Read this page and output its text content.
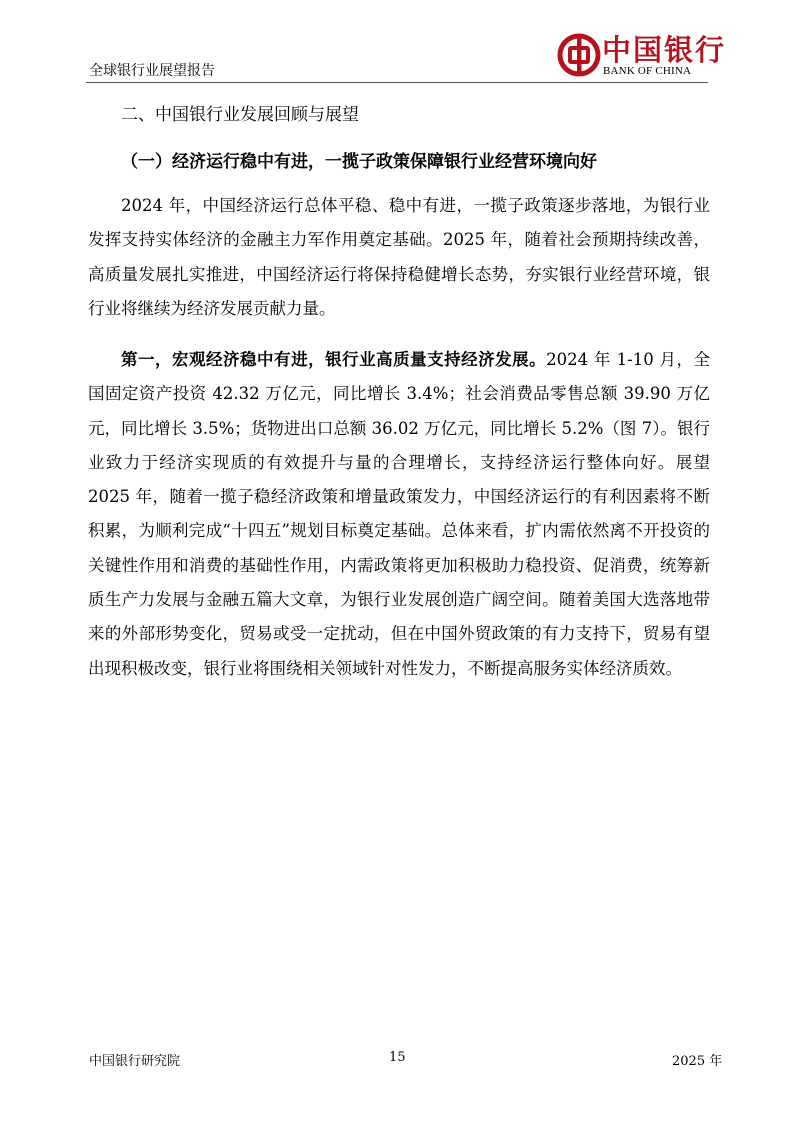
全球银行业展望报告
中国银行
BANK OF CHINA
二、中国银行业发展回顾与展望
（一）经济运行稳中有进，一揽子政策保障银行业经营环境向好
2024 年，中国经济运行总体平稳、稳中有进，一揽子政策逐步落地，为银行业发挥支持实体经济的金融主力军作用奠定基础。2025 年，随着社会预期持续改善，高质量发展扎实推进，中国经济运行将保持稳健增长态势，夯实银行业经营环境，银行业将继续为经济发展贡献力量。
第一，宏观经济稳中有进，银行业高质量支持经济发展。2024 年 1-10 月，全国固定资产投资 42.32 万亿元，同比增长 3.4%；社会消费品零售总额 39.90 万亿元，同比增长 3.5%；货物进出口总额 36.02 万亿元，同比增长 5.2%（图 7）。银行业致力于经济实现质的有效提升与量的合理增长，支持经济运行整体向好。展望 2025 年，随着一揽子稳经济政策和增量政策发力，中国经济运行的有利因素将不断积累，为顺利完成“十四五”规划目标奠定基础。总体来看，扩内需依然离不开投资的关键性作用和消费的基础性作用，内需政策将更加积极助力稳投资、促消费，统筹新质生产力发展与金融五篇大文章，为银行业发展创造广阔空间。随着美国大选落地带来的外部形势变化，贸易或受一定扰动，但在中国外贸政策的有力支持下，贸易有望出现积极改变，银行业将围绕相关领域针对性发力，不断提高服务实体经济质效。
中国银行研究院	15	2025 年
